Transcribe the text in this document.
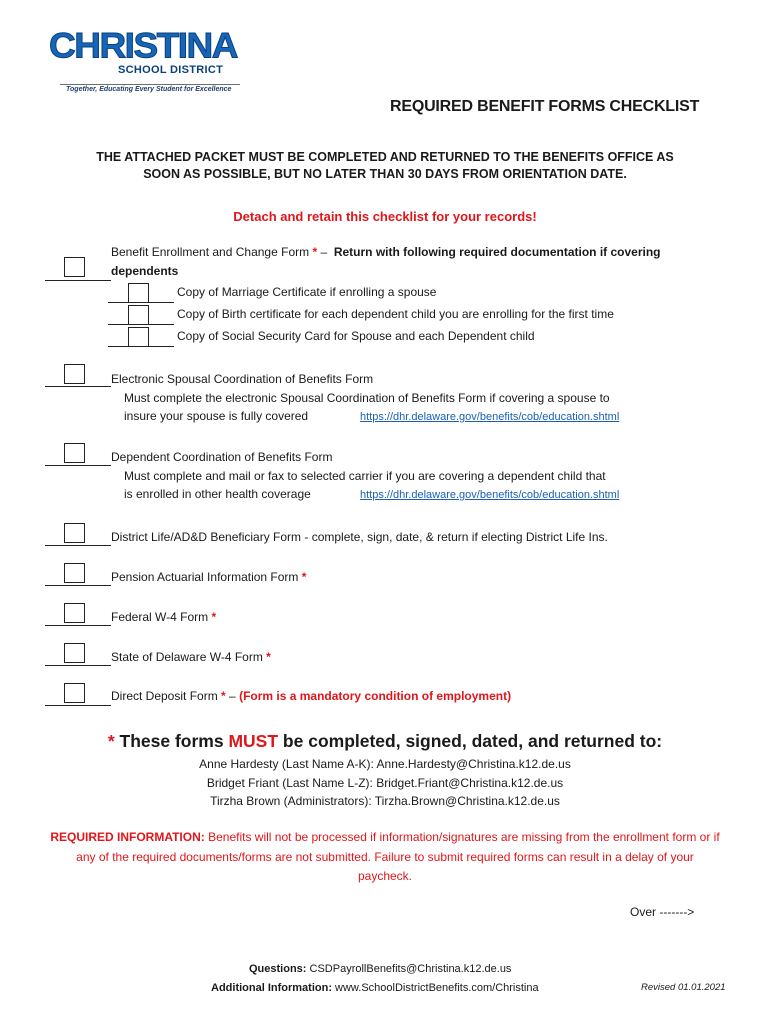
CHRISTINA
SCHOOL DISTRICT
Together, Educating Every Student for Excellence
REQUIRED BENEFIT FORMS CHECKLIST
THE ATTACHED PACKET MUST BE COMPLETED AND RETURNED TO THE BENEFITS OFFICE AS
SOON AS POSSIBLE, BUT NO LATER THAN 30 DAYS FROM ORIENTATION DATE.
Detach and retain this checklist for your records!
Benefit Enrollment and Change Form * – Return with following required documentation if covering
dependents
Copy of Marriage Certificate if enrolling a spouse
Copy of Birth certificate for each dependent child you are enrolling for the first time
Copy of Social Security Card for Spouse and each Dependent child
Electronic Spousal Coordination of Benefits Form
Must complete the electronic Spousal Coordination of Benefits Form if covering a spouse to
insure your spouse is fully covered	https://dhr.delaware.gov/benefits/cob/education.shtml
Dependent Coordination of Benefits Form
Must complete and mail or fax to selected carrier if you are covering a dependent child that
is enrolled in other health coverage	https://dhr.delaware.gov/benefits/cob/education.shtml
District Life/AD&D Beneficiary Form - complete, sign, date, & return if electing District Life Ins.
Pension Actuarial Information Form *
Federal W-4 Form *
State of Delaware W-4 Form *
Direct Deposit Form * – (Form is a mandatory condition of employment)
* These forms MUST be completed, signed, dated, and returned to:
Anne Hardesty (Last Name A-K): Anne.Hardesty@Christina.k12.de.us
Bridget Friant (Last Name L-Z): Bridget.Friant@Christina.k12.de.us
Tirzha Brown (Administrators): Tirzha.Brown@Christina.k12.de.us
REQUIRED INFORMATION: Benefits will not be processed if information/signatures are missing from the enrollment form or if any of the required documents/forms are not submitted. Failure to submit required forms can result in a delay of your paycheck.
Over ------->
Questions: CSDPayrollBenefits@Christina.k12.de.us
Additional Information: www.SchoolDistrictBenefits.com/Christina	Revised 01.01.2021
